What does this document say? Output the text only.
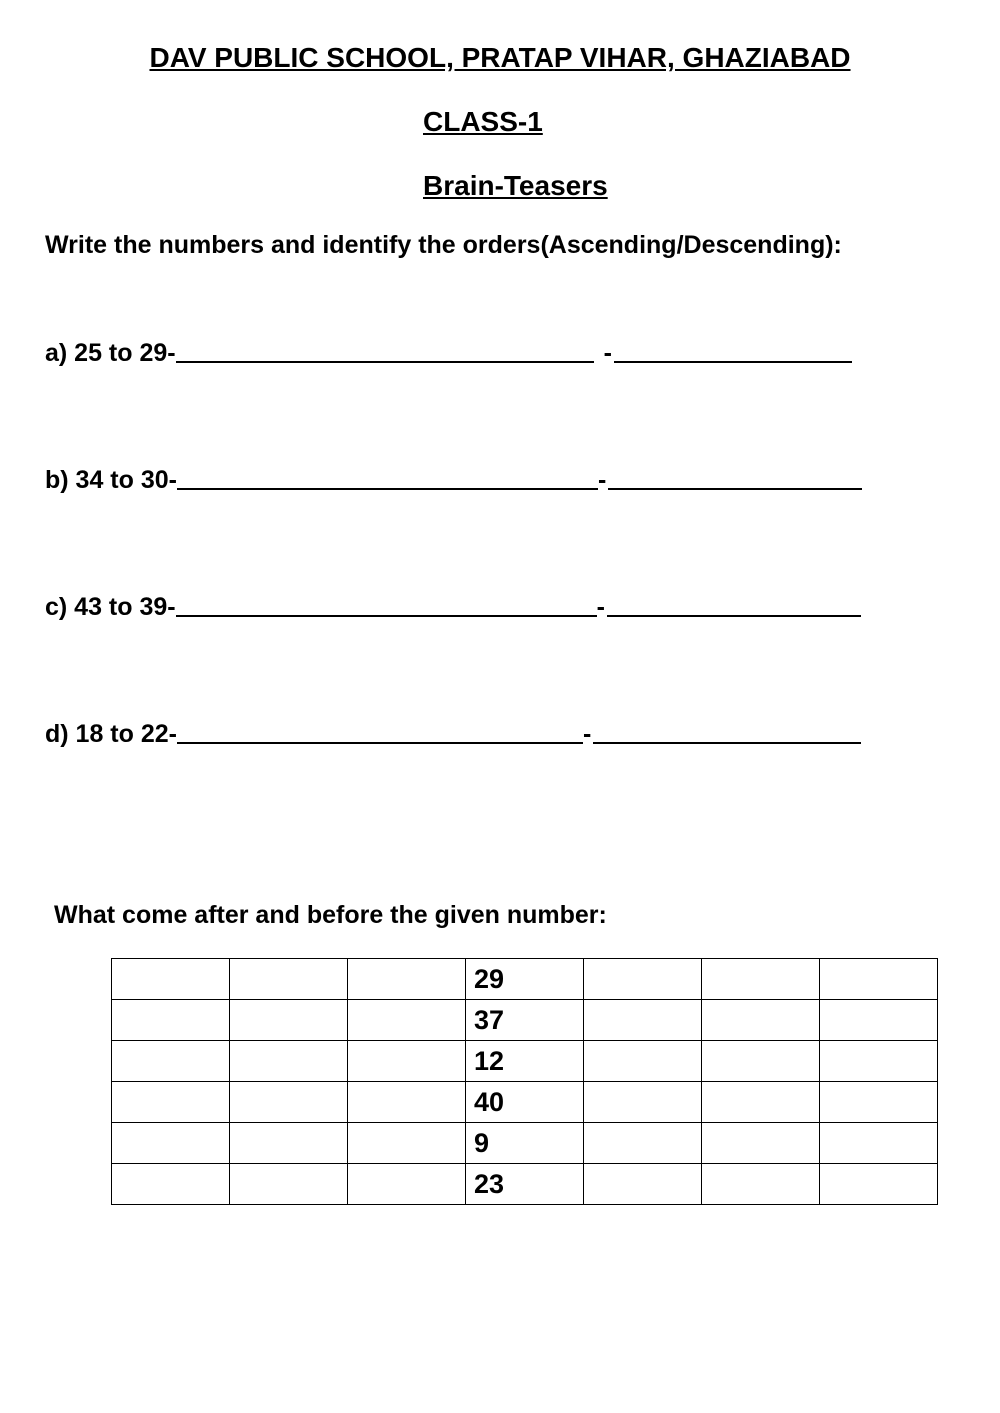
DAV PUBLIC SCHOOL, PRATAP VIHAR, GHAZIABAD
CLASS-1
Brain-Teasers

Write the numbers and identify the orders(Ascending/Descending):

a) 25 to 29-	-
b) 34 to 30-	-
c) 43 to 39-	-
d) 18 to 22-	-

What come after and before the given number:

			29			
			37			
			12			
			40			
			9			
			23			
